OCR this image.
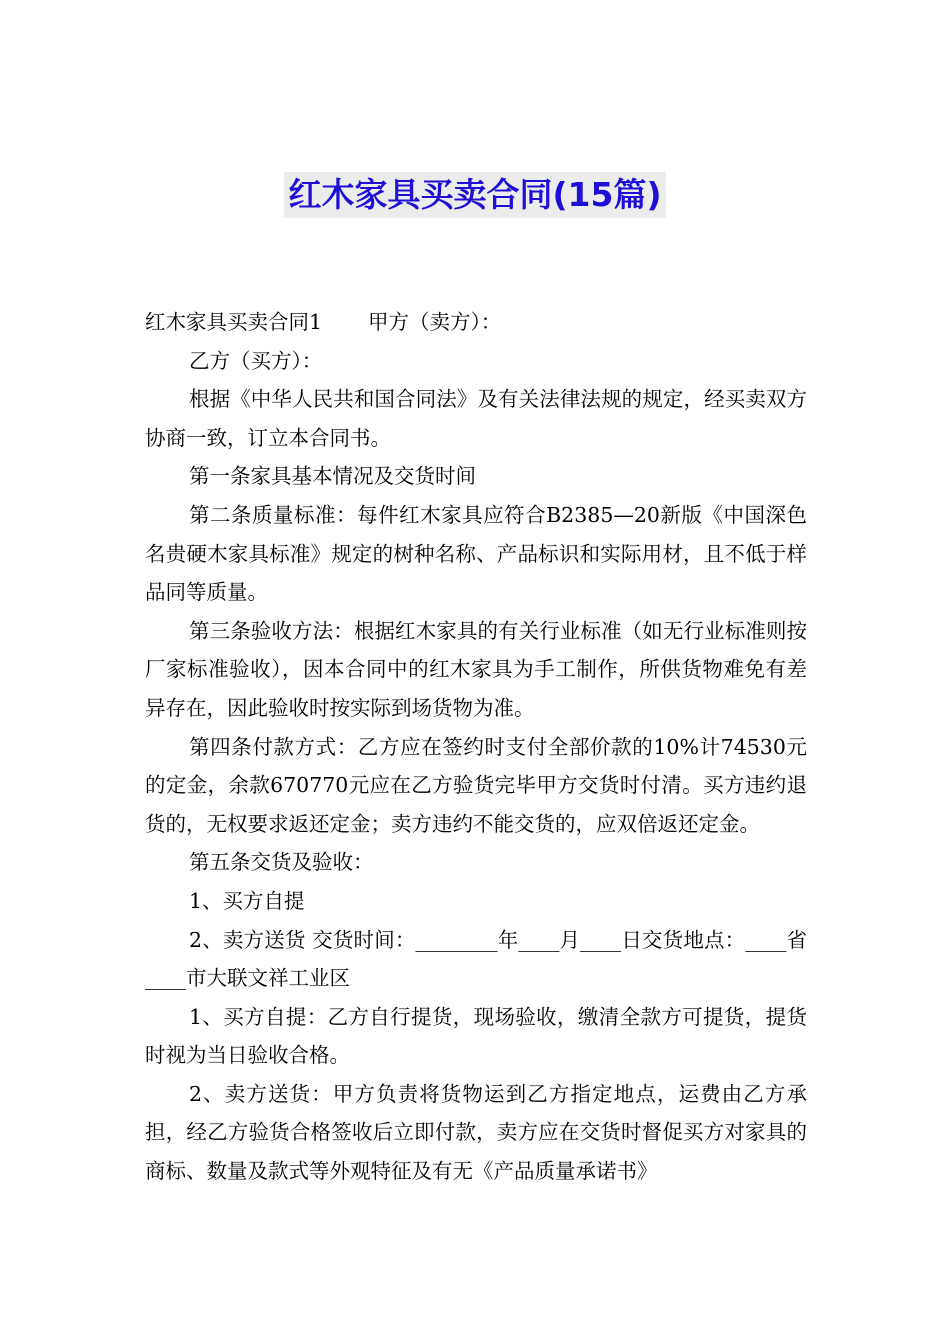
红木家具买卖合同(15篇)

红木家具买卖合同1 甲方（卖方）：

乙方（买方）：

根据《中华人民共和国合同法》及有关法律法规的规定，经买卖双方协商一致，订立本合同书。

第一条家具基本情况及交货时间

第二条质量标准：每件红木家具应符合B2385—20新版《中国深色名贵硬木家具标准》规定的树种名称、产品标识和实际用材，且不低于样品同等质量。

第三条验收方法：根据红木家具的有关行业标准（如无行业标准则按厂家标准验收），因本合同中的红木家具为手工制作，所供货物难免有差异存在，因此验收时按实际到场货物为准。

第四条付款方式：乙方应在签约时支付全部价款的10%计74530元的定金，余款670770元应在乙方验货完毕甲方交货时付清。买方违约退货的，无权要求返还定金；卖方违约不能交货的，应双倍返还定金。

第五条交货及验收：

1、买方自提

2、卖方送货 交货时间：________年____月____日交货地点：____省____市大联文祥工业区

1、买方自提：乙方自行提货，现场验收，缴清全款方可提货，提货时视为当日验收合格。

2、卖方送货：甲方负责将货物运到乙方指定地点，运费由乙方承担，经乙方验货合格签收后立即付款，卖方应在交货时督促买方对家具的商标、数量及款式等外观特征及有无《产品质量承诺书》
